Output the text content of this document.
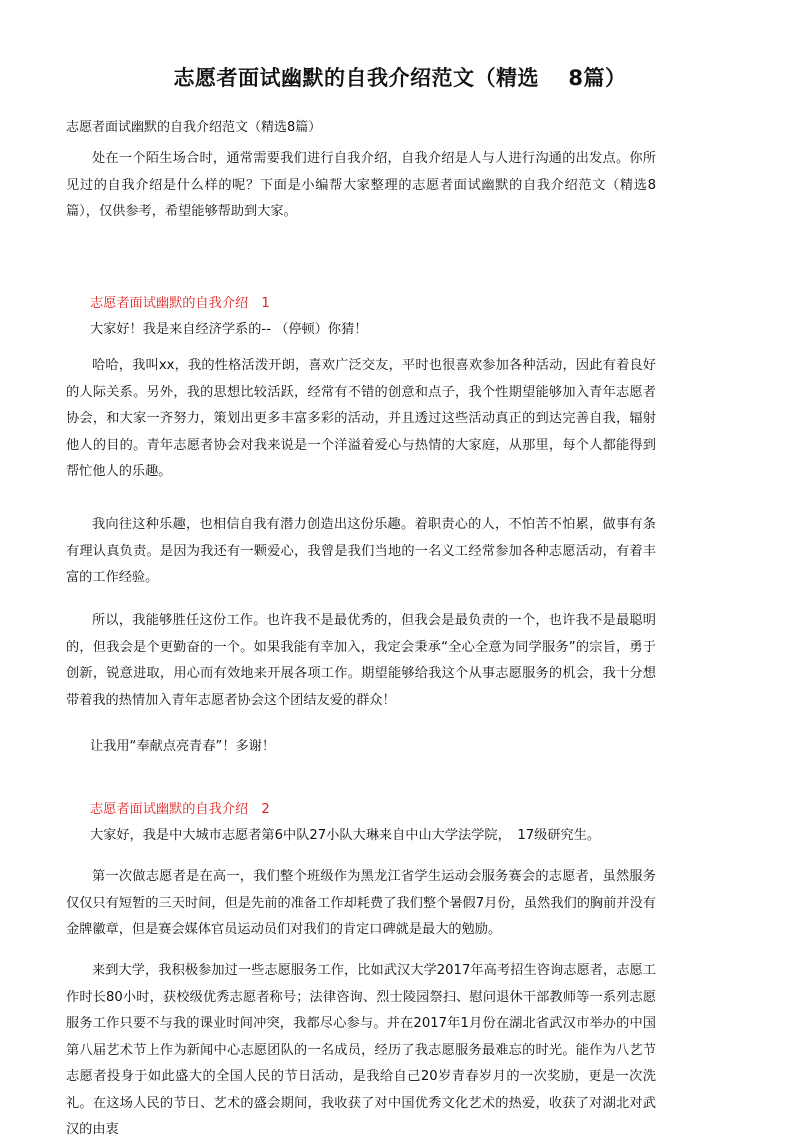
志愿者面试幽默的自我介绍范文（精选　 8篇）
志愿者面试幽默的自我介绍范文（精选8篇）

处在一个陌生场合时，通常需要我们进行自我介绍，自我介绍是人与人进行沟通的出发点。你所见过的自我介绍是什么样的呢？下面是小编帮大家整理的志愿者面试幽默的自我介绍范文（精选8篇），仅供参考，希望能够帮助到大家。

志愿者面试幽默的自我介绍　1
大家好！我是来自经济学系的-- （停顿）你猜！

哈哈，我叫xx，我的性格活泼开朗，喜欢广泛交友，平时也很喜欢参加各种活动，因此有着良好的人际关系。另外，我的思想比较活跃，经常有不错的创意和点子，我个性期望能够加入青年志愿者协会，和大家一齐努力，策划出更多丰富多彩的活动，并且透过这些活动真正的到达完善自我，辐射他人的目的。青年志愿者协会对我来说是一个洋溢着爱心与热情的大家庭，从那里，每个人都能得到帮忙他人的乐趣。

我向往这种乐趣，也相信自我有潜力创造出这份乐趣。着职责心的人，不怕苦不怕累，做事有条有理认真负责。是因为我还有一颗爱心，我曾是我们当地的一名义工经常参加各种志愿活动，有着丰富的工作经验。

所以，我能够胜任这份工作。也许我不是最优秀的，但我会是最负责的一个，也许我不是最聪明的，但我会是个更勤奋的一个。如果我能有幸加入，我定会秉承“全心全意为同学服务”的宗旨，勇于创新，锐意进取，用心而有效地来开展各项工作。期望能够给我这个从事志愿服务的机会，我十分想带着我的热情加入青年志愿者协会这个团结友爱的群众！

让我用“奉献点亮青春”！多谢！
志愿者面试幽默的自我介绍　2
大家好，我是中大城市志愿者第6中队27小队大琳来自中山大学法学院，　17级研究生。

第一次做志愿者是在高一，我们整个班级作为黑龙江省学生运动会服务赛会的志愿者，虽然服务仅仅只有短暂的三天时间，但是先前的准备工作却耗费了我们整个暑假7月份，虽然我们的胸前并没有金牌徽章，但是赛会媒体官员运动员们对我们的肯定口碑就是最大的勉励。

来到大学，我积极参加过一些志愿服务工作，比如武汉大学2017年高考招生咨询志愿者，志愿工作时长80小时，获校级优秀志愿者称号；法律咨询、烈士陵园祭扫、慰问退休干部教师等一系列志愿服务工作只要不与我的课业时间冲突，我都尽心参与。并在2017年1月份在湖北省武汉市举办的中国第八届艺术节上作为新闻中心志愿团队的一名成员，经历了我志愿服务最难忘的时光。能作为八艺节志愿者投身于如此盛大的全国人民的节日活动，是我给自己20岁青春岁月的一次奖励，更是一次洗礼。在这场人民的节日、艺术的盛会期间，我收获了对中国优秀文化艺术的热爱，收获了对湖北对武汉的由衷
